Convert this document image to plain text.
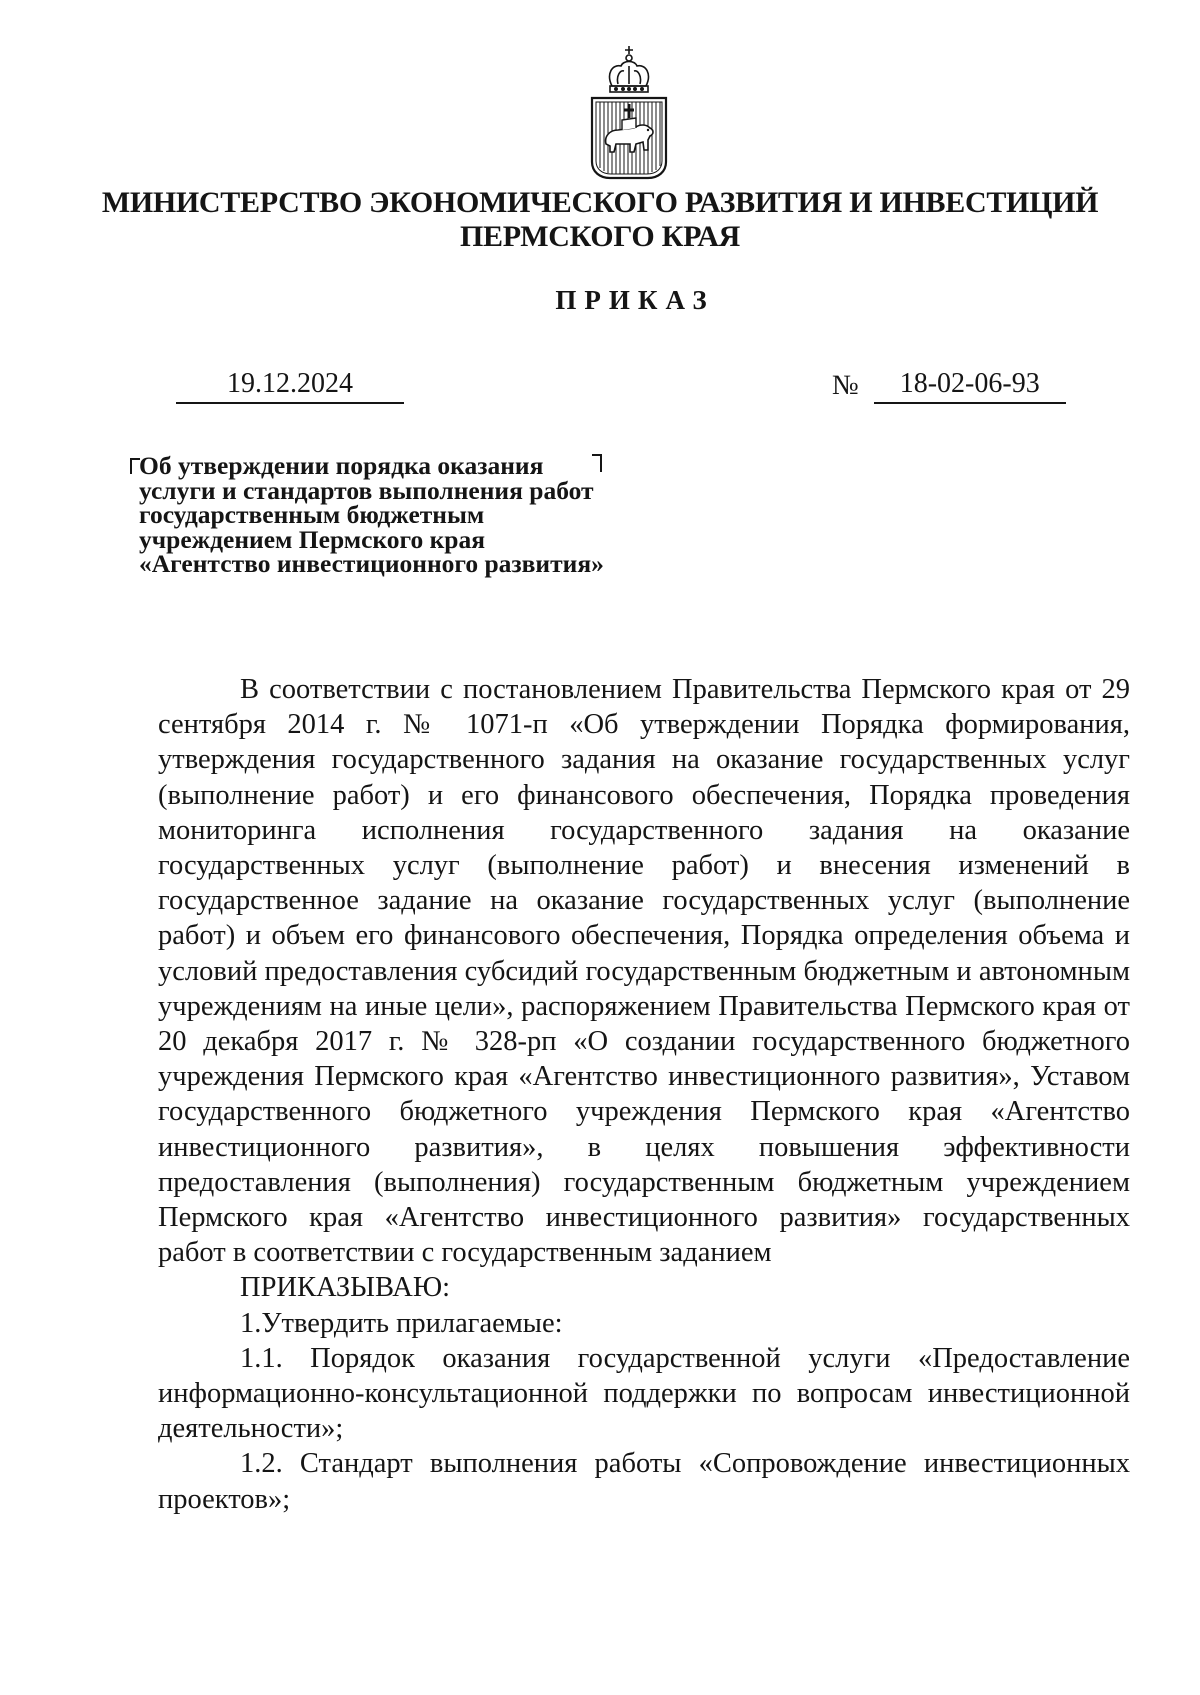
МИНИСТЕРСТВО ЭКОНОМИЧЕСКОГО РАЗВИТИЯ И ИНВЕСТИЦИЙ
ПЕРМСКОГО КРАЯ
ПРИКАЗ
19.12.2024	№ 18-02-06-93
Об утверждении порядка оказания услуги и стандартов выполнения работ государственным бюджетным учреждением Пермского края «Агентство инвестиционного развития»

В соответствии с постановлением Правительства Пермского края от 29 сентября 2014 г. № 1071-п «Об утверждении Порядка формирования, утверждения государственного задания на оказание государственных услуг (выполнение работ) и его финансового обеспечения, Порядка проведения мониторинга исполнения государственного задания на оказание государственных услуг (выполнение работ) и внесения изменений в государственное задание на оказание государственных услуг (выполнение работ) и объем его финансового обеспечения, Порядка определения объема и условий предоставления субсидий государственным бюджетным и автономным учреждениям на иные цели», распоряжением Правительства Пермского края от 20 декабря 2017 г. № 328-рп «О создании государственного бюджетного учреждения Пермского края «Агентство инвестиционного развития», Уставом государственного бюджетного учреждения Пермского края «Агентство инвестиционного развития», в целях повышения эффективности предоставления (выполнения) государственным бюджетным учреждением Пермского края «Агентство инвестиционного развития» государственных работ в соответствии с государственным заданием

ПРИКАЗЫВАЮ:

1.Утвердить прилагаемые:

1.1. Порядок оказания государственной услуги «Предоставление информационно-консультационной поддержки по вопросам инвестиционной деятельности»;

1.2. Стандарт выполнения работы «Сопровождение инвестиционных проектов»;
